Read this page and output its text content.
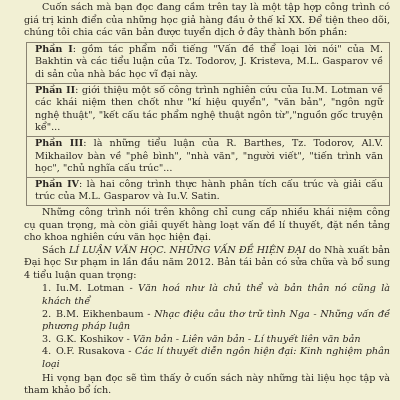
Cuốn sách mà bạn đọc đang cầm trên tay là một tập hợp công trình có giá trị kinh điển của những học giả hàng đầu ở thế kỉ XX. Để tiện theo dõi, chúng tôi chia các văn bản được tuyển dịch ở đây thành bốn phần:

Phần I: gồm tác phẩm nổi tiếng "Vấn đề thể loại lời nói" của M. Bakhtin và các tiểu luận của Tz. Todorov, J. Kristeva, M.L. Gasparov về di sản của nhà bác học vĩ đại này.
Phần II: giới thiệu một số công trình nghiên cứu của Iu.M. Lotman về các khái niệm then chốt như "kí hiệu quyển", "văn bản", "ngôn ngữ nghệ thuật", "kết cấu tác phẩm nghệ thuật ngôn từ","nguồn gốc truyện kể"...
Phần III: là những tiểu luận của R. Barthes, Tz. Todorov, Al.V. Mikhailov bàn về "phê bình", "nhà văn", "người viết", "tiến trình văn học", "chủ nghĩa cấu trúc"...
Phần IV: là hai công trình thực hành phân tích cấu trúc và giải cấu trúc của M.L. Gasparov và Iu.V. Satin.

Những công trình nói trên không chỉ cung cấp nhiều khái niệm công cụ quan trọng, mà còn giải quyết hàng loạt vấn đề lí thuyết, đặt nền tảng cho khoa nghiên cứu văn học hiện đại.

Sách LÍ LUẬN VĂN HỌC. NHỮNG VẤN ĐỀ HIỆN ĐẠI do Nhà xuất bản Đại học Sư phạm in lần đầu năm 2012. Bản tái bản có sửa chữa và bổ sung 4 tiểu luận quan trọng:

1. Iu.M. Lotman - Văn hoá như là chủ thể và bản thân nó cũng là khách thể
2. B.M. Eikhenbaum - Nhạc điệu câu thơ trữ tình Nga - Những vấn đề phương pháp luận
3. G.K. Koshikov - Văn bản - Liên văn bản - Lí thuyết liên văn bản
4. O.F. Rusakova - Các lí thuyết diễn ngôn hiện đại: Kinh nghiệm phân loại

Hi vọng bạn đọc sẽ tìm thấy ở cuốn sách này những tài liệu học tập và tham khảo bổ ích.
